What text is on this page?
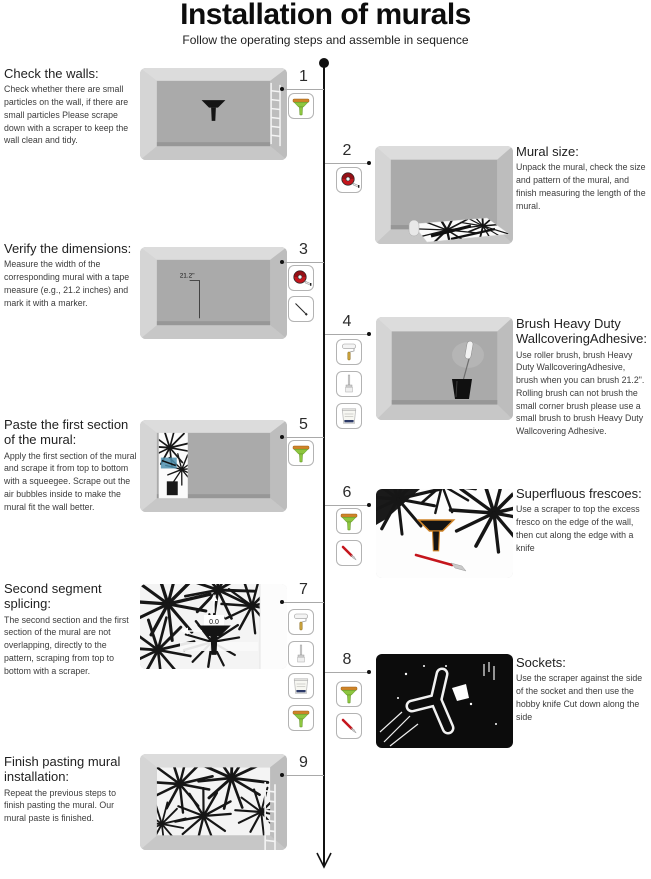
Installation of murals
Follow the operating steps and assemble in sequence
Check the walls:

Check whether there are small particles on the wall, if there are small particles Please scrape down with a scraper to keep the wall clean and tidy.

1
2	Mural size:

Unpack the mural, check the size and pattern of the mural, and finish measuring the length of the mural.

Verify the dimensions:

Measure the width of the corresponding mural with a tape measure (e.g., 21.2 inches) and mark it with a marker.

21.2"
3
4	Brush Heavy Duty WallcoveringAdhesive:

Use roller brush, brush Heavy Duty WallcoveringAdhesive, brush when you can brush 21.2". Rolling brush can not brush the small corner brush please use a small brush to brush Heavy Duty Wallcovering Adhesive.

Paste the first section of the mural:

Apply the first section of the mural and scrape it from top to bottom with a squeegee. Scrape out the air bubbles inside to make the mural fit the wall better.

5
6	Superfluous frescoes:

Use a scraper to top the excess fresco on the edge of the wall, then cut along the edge with a knife

Second segment splicing:

The second section and the first section of the mural are not overlapping, directly to the pattern, scraping from top to bottom with a scraper.

0.0
7
8	Sockets:

Use the scraper against the side of the socket and then use the hobby knife Cut down along the side

Finish pasting mural installation:

Repeat the previous steps to finish pasting the mural. Our mural paste is finished.

9
